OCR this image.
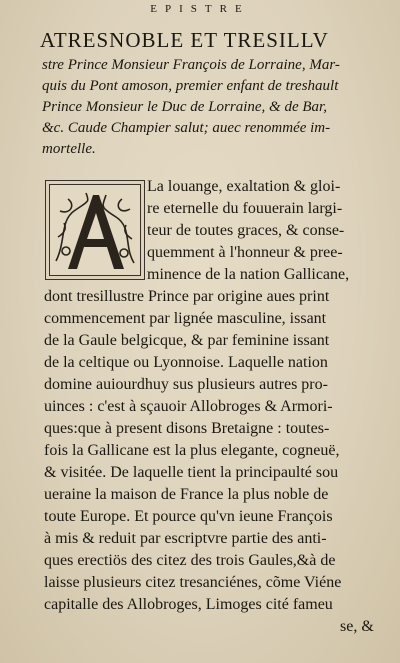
EPISTRE
ATRESNOBLE ET TRESILLV
stre Prince Monsieur François de Lorraine, Mar-
quis du Pont amoson, premier enfant de treshault
Prince Monsieur le Duc de Lorraine, & de Bar,
&c. Caude Champier salut; auec renommée im-
mortelle.
La louange, exaltation & gloi-
re eternelle du fouuerain largi-
teur de toutes graces, & conse-
quemment à l'honneur & pree-
minence de la nation Gallicane,
dont tresillustre Prince par origine aues print
commencement par lignée masculine, issant
de la Gaule belgicque, & par feminine issant
de la celtique ou Lyonnoise. Laquelle nation
domine auiourdhuy sus plusieurs autres pro-
uinces : c'est à sçauoir Allobroges & Armori-
ques:que à present disons Bretaigne : toutes-
fois la Gallicane est la plus elegante, cogneuë,
& visitée. De laquelle tient la principaulté sou
ueraine la maison de France la plus noble de
toute Europe. Et pource qu'vn ieune François
à mis & reduit par escriptvre partie des anti-
ques erectiös des citez des trois Gaules,&à de
laisse plusieurs citez tresanciénes, cõme Viéne
capitalle des Allobroges, Limoges cité fameu
se, &
